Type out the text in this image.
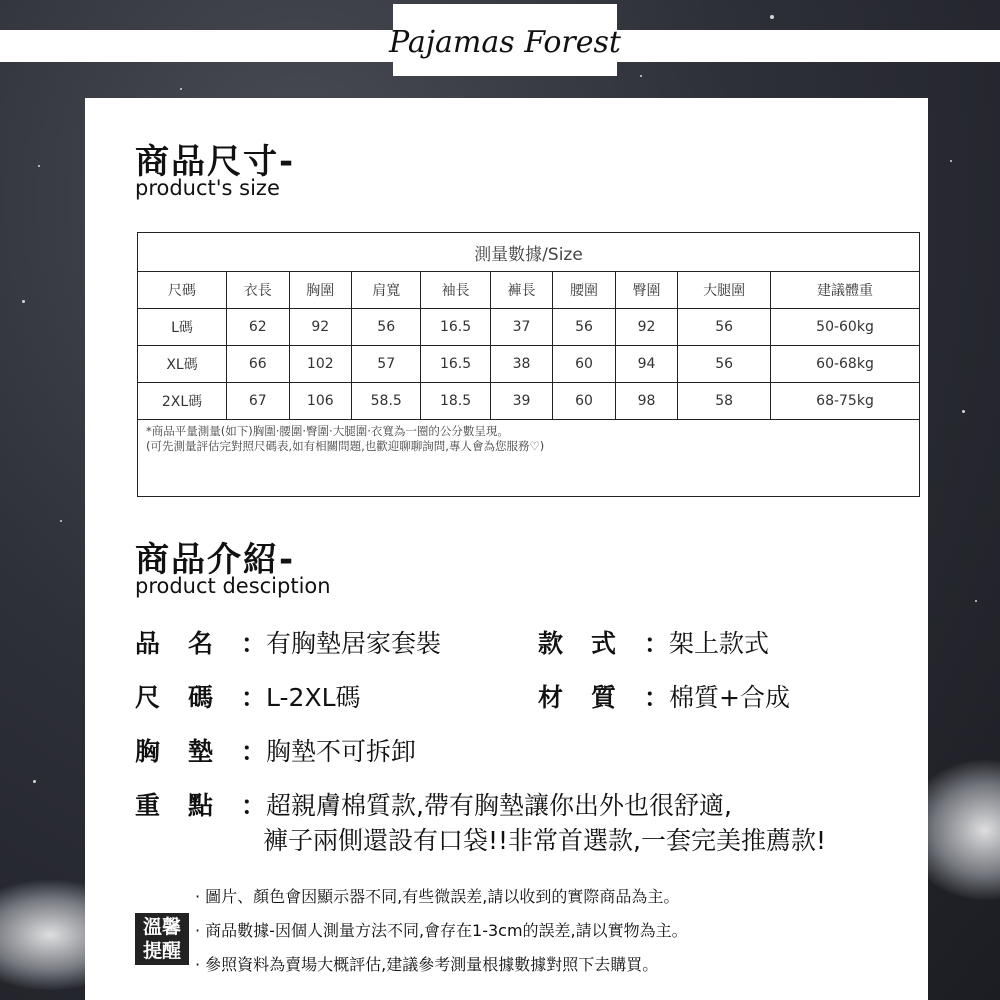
Pajamas Forest
商品尺寸-
product's size
測量數據/Size									
尺碼	衣長	胸圍	肩寬	袖長	褲長	腰圍	臀圍	大腿圍	建議體重
L碼	62	92	56	16.5	37	56	92	56	50-60kg
XL碼	66	102	57	16.5	38	60	94	56	60-68kg
2XL碼	67	106	58.5	18.5	39	60	98	58	68-75kg

*商品平量測量(如下)胸圍·腰圍·臀圍·大腿圍·衣寬為一圈的公分數呈現。
(可先測量評估完對照尺碼表,如有相關問題,也歡迎聊聊詢問,專人會為您服務♡)									
商品介紹-
product desciption
品名：有胸墊居家套裝	款式：架上款式
尺碼：L-2XL碼	材質：棉質+合成
胸墊：胸墊不可拆卸
重點：超親膚棉質款,帶有胸墊讓你出外也很舒適,
褲子兩側還設有口袋!!非常首選款,一套完美推薦款!
溫馨
提醒
· 圖片、顏色會因顯示器不同,有些微誤差,請以收到的實際商品為主。
· 商品數據-因個人測量方法不同,會存在1-3cm的誤差,請以實物為主。
· 參照資料為賣場大概評估,建議參考測量根據數據對照下去購買。
